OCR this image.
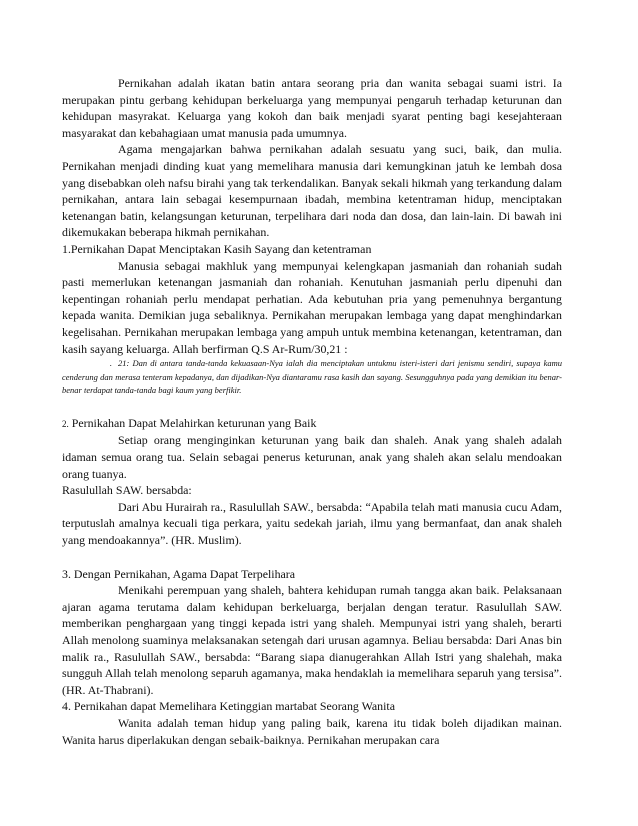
Pernikahan adalah ikatan batin antara seorang pria dan wanita sebagai suami istri. Ia merupakan pintu gerbang kehidupan berkeluarga yang mempunyai pengaruh terhadap keturunan dan kehidupan masyrakat. Keluarga yang kokoh dan baik menjadi syarat penting bagi kesejahteraan masyarakat dan kebahagiaan umat manusia pada umumnya.

Agama mengajarkan bahwa pernikahan adalah sesuatu yang suci, baik, dan mulia. Pernikahan menjadi dinding kuat yang memelihara manusia dari kemungkinan jatuh ke lembah dosa yang disebabkan oleh nafsu birahi yang tak terkendalikan. Banyak sekali hikmah yang terkandung dalam pernikahan, antara lain sebagai kesempurnaan ibadah, membina ketentraman hidup, menciptakan ketenangan batin, kelangsungan keturunan, terpelihara dari noda dan dosa, dan lain-lain. Di bawah ini dikemukakan beberapa hikmah pernikahan.

1.Pernikahan Dapat Menciptakan Kasih Sayang dan ketentraman

Manusia sebagai makhluk yang mempunyai kelengkapan jasmaniah dan rohaniah sudah pasti memerlukan ketenangan jasmaniah dan rohaniah. Kenutuhan jasmaniah perlu dipenuhi dan kepentingan rohaniah perlu mendapat perhatian. Ada kebutuhan pria yang pemenuhnya bergantung kepada wanita. Demikian juga sebaliknya. Pernikahan merupakan lembaga yang dapat menghindarkan kegelisahan. Pernikahan merupakan lembaga yang ampuh untuk membina ketenangan, ketentraman, dan kasih sayang keluarga. Allah berfirman Q.S Ar-Rum/30,21 :

. 21: Dan di antara tanda-tanda kekuasaan-Nya ialah dia menciptakan untukmu isteri-isteri dari jenismu sendiri, supaya kamu cenderung dan merasa tenteram kepadanya, dan dijadikan-Nya diantaramu rasa kasih dan sayang. Sesungguhnya pada yang demikian itu benar-benar terdapat tanda-tanda bagi kaum yang berfikir.

2. Pernikahan Dapat Melahirkan keturunan yang Baik

Setiap orang menginginkan keturunan yang baik dan shaleh. Anak yang shaleh adalah idaman semua orang tua. Selain sebagai penerus keturunan, anak yang shaleh akan selalu mendoakan orang tuanya.

Rasulullah SAW. bersabda:

Dari Abu Hurairah ra., Rasulullah SAW., bersabda: “Apabila telah mati manusia cucu Adam, terputuslah amalnya kecuali tiga perkara, yaitu sedekah jariah, ilmu yang bermanfaat, dan anak shaleh yang mendoakannya”. (HR. Muslim).

3. Dengan Pernikahan, Agama Dapat Terpelihara

Menikahi perempuan yang shaleh, bahtera kehidupan rumah tangga akan baik. Pelaksanaan ajaran agama terutama dalam kehidupan berkeluarga, berjalan dengan teratur. Rasulullah SAW. memberikan penghargaan yang tinggi kepada istri yang shaleh. Mempunyai istri yang shaleh, berarti Allah menolong suaminya melaksanakan setengah dari urusan agamnya. Beliau bersabda: Dari Anas bin malik ra., Rasulullah SAW., bersabda: “Barang siapa dianugerahkan Allah Istri yang shalehah, maka sungguh Allah telah menolong separuh agamanya, maka hendaklah ia memelihara separuh yang tersisa”.(HR. At-Thabrani).

4. Pernikahan dapat Memelihara Ketinggian martabat Seorang Wanita

Wanita adalah teman hidup yang paling baik, karena itu tidak boleh dijadikan mainan. Wanita harus diperlakukan dengan sebaik-baiknya. Pernikahan merupakan cara
